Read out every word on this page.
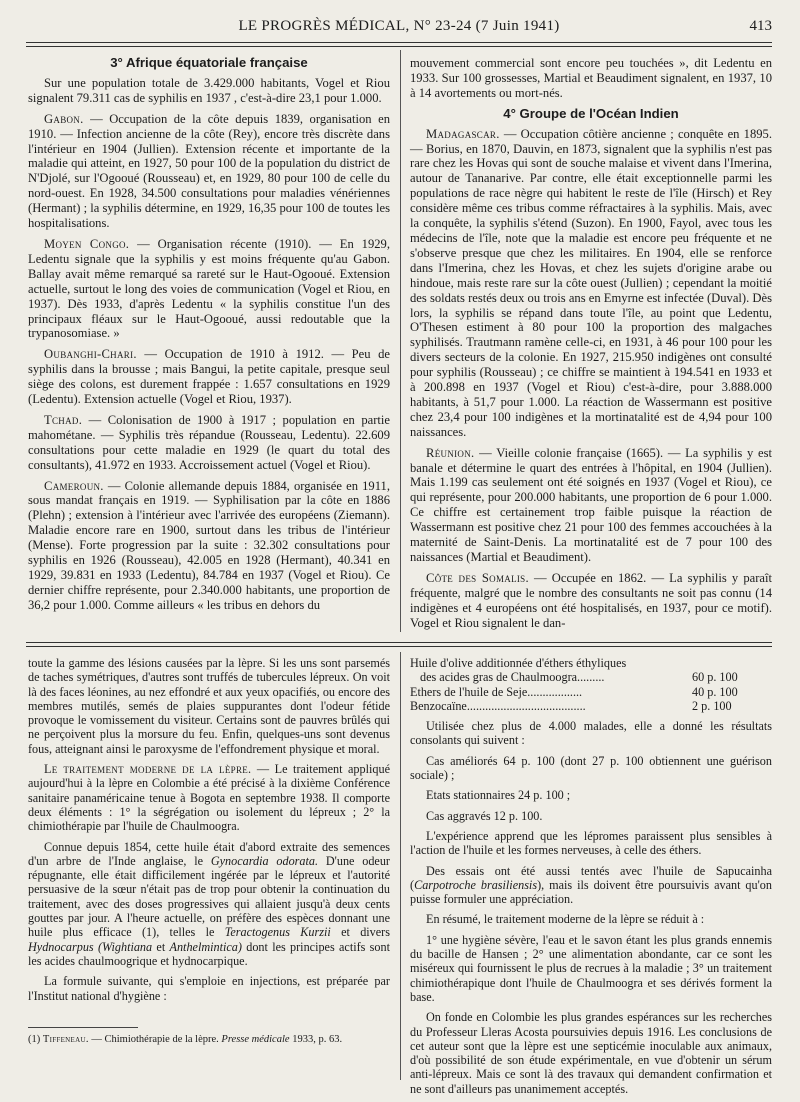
LE PROGRÈS MÉDICAL, N° 23-24 (7 Juin 1941)	413
3° Afrique équatoriale française

Sur une population totale de 3.429.000 habitants, Vogel et Riou signalent 79.311 cas de syphilis en 1937 , c'est-à-dire 23,1 pour 1.000.

Gabon. — Occupation de la côte depuis 1839, organisation en 1910. — Infection ancienne de la côte (Rey), encore très discrète dans l'intérieur en 1904 (Jullien). Extension récente et importante de la maladie qui atteint, en 1927, 50 pour 100 de la population du district de N'Djolé, sur l'Ogooué (Rousseau) et, en 1929, 80 pour 100 de celle du nord-ouest. En 1928, 34.500 consultations pour maladies vénériennes (Hermant) ; la syphilis détermine, en 1929, 16,35 pour 100 de toutes les hospitalisations.

Moyen Congo. — Organisation récente (1910). — En 1929, Ledentu signale que la syphilis y est moins fréquente qu'au Gabon. Ballay avait même remarqué sa rareté sur le Haut-Ogooué. Extension actuelle, surtout le long des voies de communication (Vogel et Riou, en 1937). Dès 1933, d'après Ledentu « la syphilis constitue l'un des principaux fléaux sur le Haut-Ogooué, aussi redoutable que la trypanosomiase. »

Oubanghi-Chari. — Occupation de 1910 à 1912. — Peu de syphilis dans la brousse ; mais Bangui, la petite capitale, presque seul siège des colons, est durement frappée : 1.657 consultations en 1929 (Ledentu). Extension actuelle (Vogel et Riou, 1937).

Tchad. — Colonisation de 1900 à 1917 ; population en partie mahométane. — Syphilis très répandue (Rousseau, Ledentu). 22.609 consultations pour cette maladie en 1929 (le quart du total des consultants), 41.972 en 1933. Accroissement actuel (Vogel et Riou).

Cameroun. — Colonie allemande depuis 1884, organisée en 1911, sous mandat français en 1919. — Syphilisation par la côte en 1886 (Plehn) ; extension à l'intérieur avec l'arrivée des européens (Ziemann). Maladie encore rare en 1900, surtout dans les tribus de l'intérieur (Mense). Forte progression par la suite : 32.302 consultations pour syphilis en 1926 (Rousseau), 42.005 en 1928 (Hermant), 40.341 en 1929, 39.831 en 1933 (Ledentu), 84.784 en 1937 (Vogel et Riou). Ce dernier chiffre représente, pour 2.340.000 habitants, une proportion de 36,2 pour 1.000. Comme ailleurs « les tribus en dehors du

mouvement commercial sont encore peu touchées », dit Ledentu en 1933. Sur 100 grossesses, Martial et Beaudiment signalent, en 1937, 10 à 14 avortements ou mort-nés.

4° Groupe de l'Océan Indien

Madagascar. — Occupation côtière ancienne ; conquête en 1895. — Borius, en 1870, Dauvin, en 1873, signalent que la syphilis n'est pas rare chez les Hovas qui sont de souche malaise et vivent dans l'Imerina, autour de Tananarive. Par contre, elle était exceptionnelle parmi les populations de race nègre qui habitent le reste de l'île (Hirsch) et Rey considère même ces tribus comme réfractaires à la syphilis. Mais, avec la conquête, la syphilis s'étend (Suzon). En 1900, Fayol, avec tous les médecins de l'île, note que la maladie est encore peu fréquente et ne s'observe presque que chez les militaires. En 1904, elle se renforce dans l'Imerina, chez les Hovas, et chez les sujets d'origine arabe ou hindoue, mais reste rare sur la côte ouest (Jullien) ; cependant la moitié des soldats restés deux ou trois ans en Emyrne est infectée (Duval). Dès lors, la syphilis se répand dans toute l'île, au point que Ledentu, O'Thesen estiment à 80 pour 100 la proportion des malgaches syphilisés. Trautmann ramène celle-ci, en 1931, à 46 pour 100 pour les divers secteurs de la colonie. En 1927, 215.950 indigènes ont consulté pour syphilis (Rousseau) ; ce chiffre se maintient à 194.541 en 1933 et à 200.898 en 1937 (Vogel et Riou) c'est-à-dire, pour 3.888.000 habitants, à 51,7 pour 1.000. La réaction de Wassermann est positive chez 23,4 pour 100 indigènes et la mortinatalité est de 4,94 pour 100 naissances.

Réunion. — Vieille colonie française (1665). — La syphilis y est banale et détermine le quart des entrées à l'hôpital, en 1904 (Jullien). Mais 1.199 cas seulement ont été soignés en 1937 (Vogel et Riou), ce qui représente, pour 200.000 habitants, une proportion de 6 pour 1.000. Ce chiffre est certainement trop faible puisque la réaction de Wassermann est positive chez 21 pour 100 des femmes accouchées à la maternité de Saint-Denis. La mortinatalité est de 7 pour 100 des naissances (Martial et Beaudiment).

Côte des Somalis. — Occupée en 1862. — La syphilis y paraît fréquente, malgré que le nombre des consultants ne soit pas connu (14 indigènes et 4 européens ont été hospitalisés, en 1937, pour ce motif). Vogel et Riou signalent le dan-

toute la gamme des lésions causées par la lèpre. Si les uns sont parsemés de taches symétriques, d'autres sont truffés de tubercules lépreux. On voit là des faces léonines, au nez effondré et aux yeux opacifiés, ou encore des membres mutilés, semés de plaies suppurantes dont l'odeur fétide provoque le vomissement du visiteur. Certains sont de pauvres brûlés qui ne perçoivent plus la morsure du feu. Enfin, quelques-uns sont devenus fous, atteignant ainsi le paroxysme de l'effondrement physique et moral.

Le traitement moderne de la lèpre. — Le traitement appliqué aujourd'hui à la lèpre en Colombie a été précisé à la dixième Conférence sanitaire panaméricaine tenue à Bogota en septembre 1938. Il comporte deux éléments : 1° la ségrégation ou isolement du lépreux ; 2° la chimiothérapie par l'huile de Chaulmoogra.

Connue depuis 1854, cette huile était d'abord extraite des semences d'un arbre de l'Inde anglaise, le Gynocardia odorata. D'une odeur répugnante, elle était difficilement ingérée par le lépreux et l'autorité persuasive de la sœur n'était pas de trop pour obtenir la continuation du traitement, avec des doses progressives qui allaient jusqu'à deux cents gouttes par jour. A l'heure actuelle, on préfère des espèces donnant une huile plus efficace (1), telles le Teractogenus Kurzii et divers Hydnocarpus (Wightiana et Anthelmintica) dont les principes actifs sont les acides chaulmoogrique et hydnocarpique.

La formule suivante, qui s'emploie en injections, est préparée par l'Institut national d'hygiène :

(1) Tiffeneau. — Chimiothérapie de la lèpre. Presse médicale 1933, p. 63.
Huile d'olive additionnée d'éthers éthyliques
des acides gras de Chaulmoogra.........	60 p. 100
Ethers de l'huile de Seje..................	40 p. 100
Benzocaïne.......................................	2 p. 100

Utilisée chez plus de 4.000 malades, elle a donné les résultats consolants qui suivent :

Cas améliorés 64 p. 100 (dont 27 p. 100 obtiennent une guérison sociale) ;

Etats stationnaires 24 p. 100 ;

Cas aggravés 12 p. 100.

L'expérience apprend que les lépromes paraissent plus sensibles à l'action de l'huile et les formes nerveuses, à celle des éthers.

Des essais ont été aussi tentés avec l'huile de Sapucainha (Carpotroche brasiliensis), mais ils doivent être poursuivis avant qu'on puisse formuler une appréciation.

En résumé, le traitement moderne de la lèpre se réduit à :

1° une hygiène sévère, l'eau et le savon étant les plus grands ennemis du bacille de Hansen ; 2° une alimentation abondante, car ce sont les miséreux qui fournissent le plus de recrues à la maladie ; 3° un traitement chimiothérapique dont l'huile de Chaulmoogra et ses dérivés forment la base.

On fonde en Colombie les plus grandes espérances sur les recherches du Professeur Lleras Acosta poursuivies depuis 1916. Les conclusions de cet auteur sont que la lèpre est une septicémie inoculable aux animaux, d'où possibilité de son étude expérimentale, en vue d'obtenir un sérum anti-lépreux. Mais ce sont là des travaux qui demandent confirmation et ne sont d'ailleurs pas unanimement acceptés.
